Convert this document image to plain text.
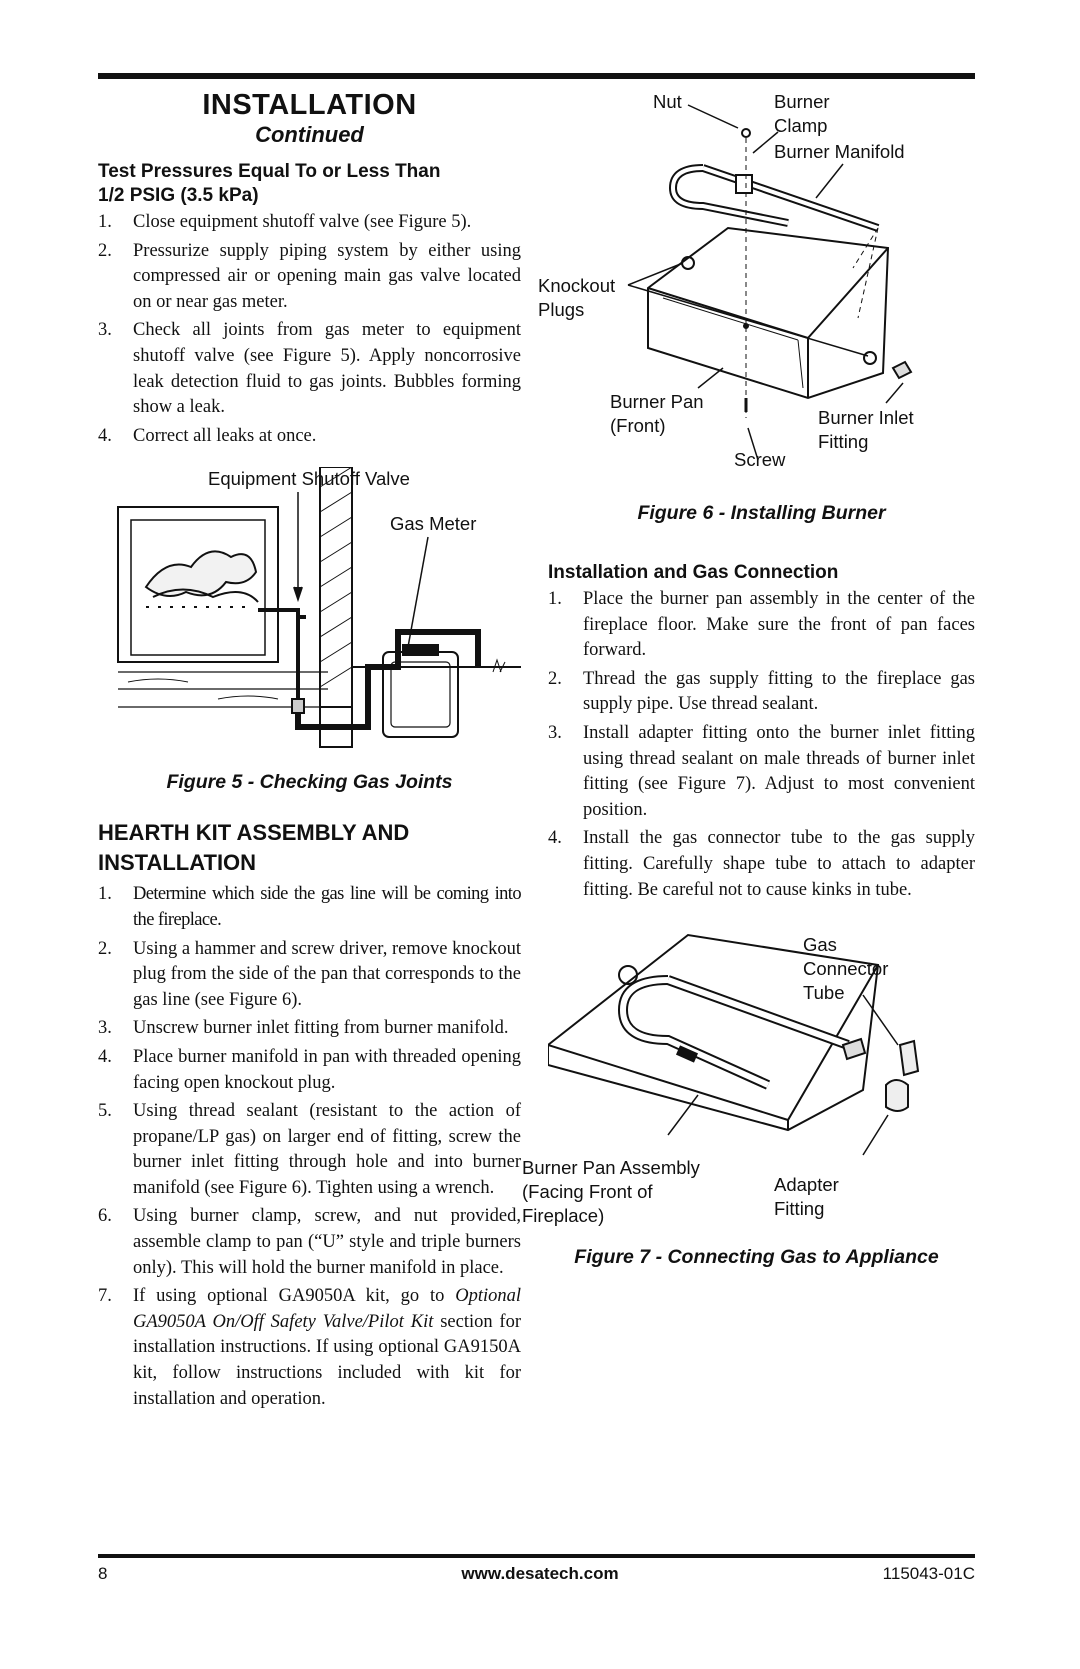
INSTALLATION
Continued
Test Pressures Equal To or Less Than
1/2 PSIG (3.5 kPa)
1.	Close equipment shutoff valve (see Figure 5).
2.	Pressurize supply piping system by either using compressed air or opening main gas valve located on or near gas meter.
3.	Check all joints from gas meter to equipment shutoff valve (see Figure 5). Apply noncorrosive leak detection fluid to gas joints. Bubbles forming show a leak.
4.	Correct all leaks at once.
Equipment Shutoff Valve
Gas Meter
Figure 5 - Checking Gas Joints
HEARTH KIT ASSEMBLY AND
INSTALLATION
1.	Determine which side the gas line will be coming into the fireplace.
2.	Using a hammer and screw driver, remove knockout plug from the side of the pan that corresponds to the gas line (see Figure 6).
3.	Unscrew burner inlet fitting from burner manifold.
4.	Place burner manifold in pan with threaded opening facing open knockout plug.
5.	Using thread sealant (resistant to the action of propane/LP gas) on larger end of fitting, screw the burner inlet fitting through hole and into burner manifold (see Figure 6). Tighten using a wrench.
6.	Using burner clamp, screw, and nut provided, assemble clamp to pan (“U” style and triple burners only). This will hold the burner manifold in place.
7.	If using optional GA9050A kit, go to Optional GA9050A On/Off Safety Valve/Pilot Kit section for installation instructions. If using optional GA9150A kit, follow instructions included with kit for installation and operation.
Nut	Burner
Clamp
Burner Manifold
Knockout
Plugs
Burner Pan
(Front)	Burner Inlet
Fitting
Screw
Figure 6 - Installing Burner
Installation and Gas Connection
1.	Place the burner pan assembly in the center of the fireplace floor. Make sure the front of pan faces forward.
2.	Thread the gas supply fitting to the fireplace gas supply pipe. Use thread sealant.
3.	Install adapter fitting onto the burner inlet fitting using thread sealant on male threads of burner inlet fitting (see Figure 7). Adjust to most convenient position.
4.	Install the gas connector tube to the gas supply fitting. Carefully shape tube to attach to adapter fitting. Be careful not to cause kinks in tube.
Gas
Connector
Tube
Burner Pan Assembly
(Facing Front of
Fireplace)
Adapter
Fitting
Figure 7 - Connecting Gas to Appliance
8	www.desatech.com	115043-01C
